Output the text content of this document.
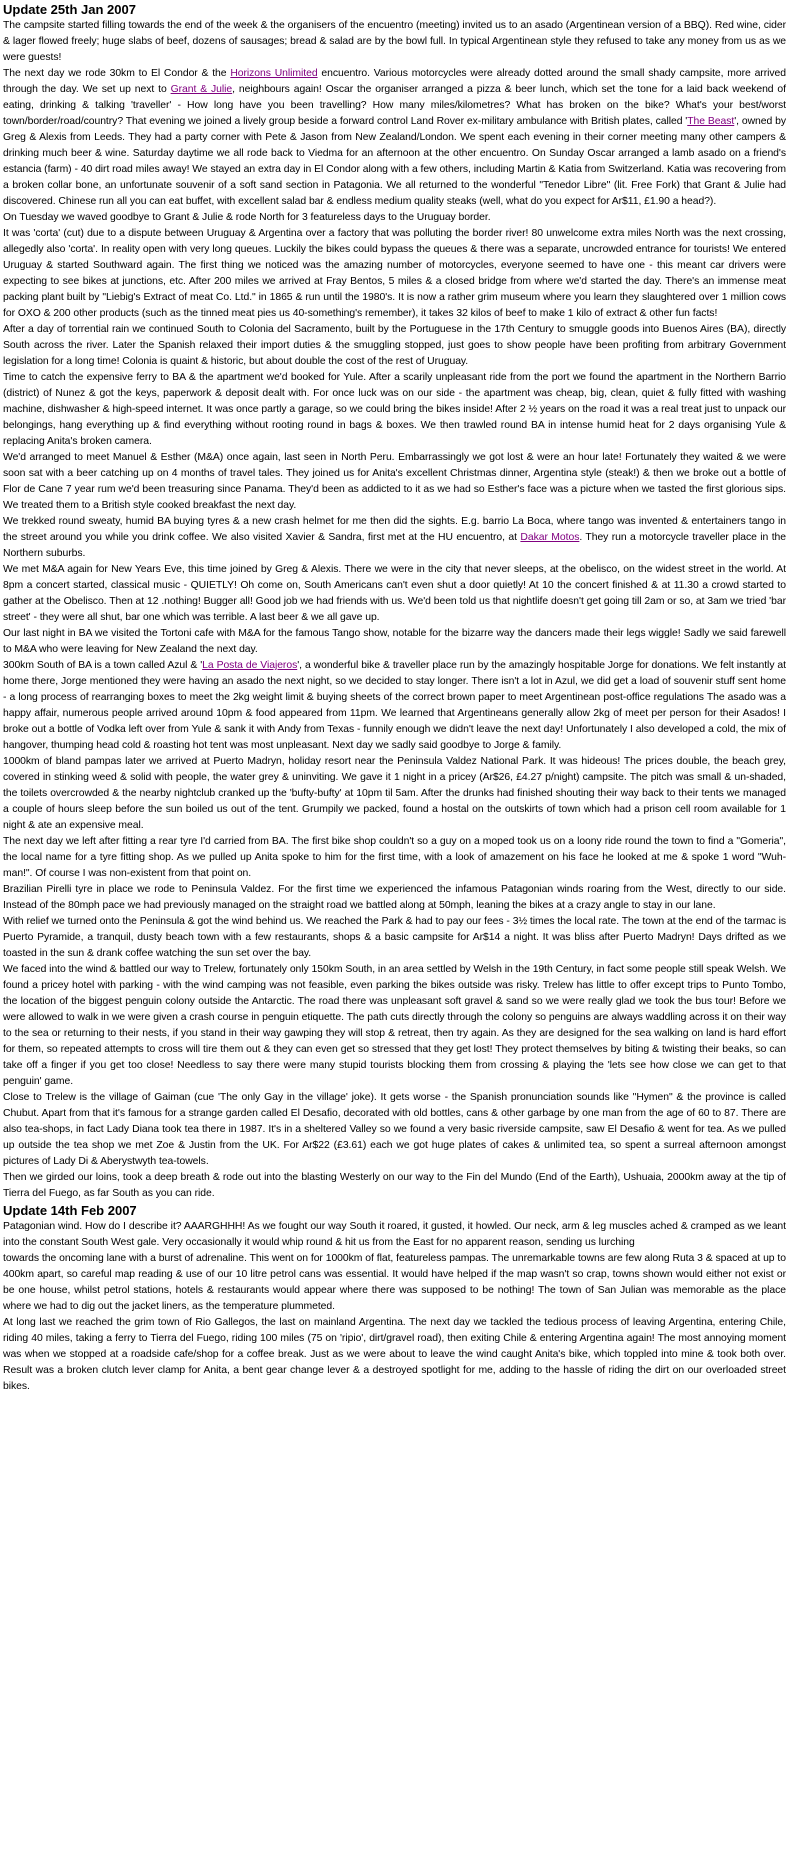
Update 25th Jan 2007

The campsite started filling towards the end of the week & the organisers of the encuentro (meeting) invited us to an asado (Argentinean version of a BBQ). Red wine, cider & lager flowed freely; huge slabs of beef, dozens of sausages; bread & salad are by the bowl full. In typical Argentinean style they refused to take any money from us as we were guests!

The next day we rode 30km to El Condor & the Horizons Unlimited encuentro. Various motorcycles were already dotted around the small shady campsite, more arrived through the day. We set up next to Grant & Julie, neighbours again! Oscar the organiser arranged a pizza & beer lunch, which set the tone for a laid back weekend of eating, drinking & talking 'traveller' - How long have you been travelling? How many miles/kilometres? What has broken on the bike? What's your best/worst town/border/road/country? That evening we joined a lively group beside a forward control Land Rover ex-military ambulance with British plates, called 'The Beast', owned by Greg & Alexis from Leeds. They had a party corner with Pete & Jason from New Zealand/London. We spent each evening in their corner meeting many other campers & drinking much beer & wine. Saturday daytime we all rode back to Viedma for an afternoon at the other encuentro. On Sunday Oscar arranged a lamb asado on a friend's estancia (farm) - 40 dirt road miles away! We stayed an extra day in El Condor along with a few others, including Martin & Katia from Switzerland. Katia was recovering from a broken collar bone, an unfortunate souvenir of a soft sand section in Patagonia. We all returned to the wonderful "Tenedor Libre" (lit. Free Fork) that Grant & Julie had discovered. Chinese run all you can eat buffet, with excellent salad bar & endless medium quality steaks (well, what do you expect for Ar$11, £1.90 a head?).

On Tuesday we waved goodbye to Grant & Julie & rode North for 3 featureless days to the Uruguay border.

It was 'corta' (cut) due to a dispute between Uruguay & Argentina over a factory that was polluting the border river! 80 unwelcome extra miles North was the next crossing, allegedly also 'corta'. In reality open with very long queues. Luckily the bikes could bypass the queues & there was a separate, uncrowded entrance for tourists! We entered Uruguay & started Southward again. The first thing we noticed was the amazing number of motorcycles, everyone seemed to have one - this meant car drivers were expecting to see bikes at junctions, etc. After 200 miles we arrived at Fray Bentos, 5 miles & a closed bridge from where we'd started the day. There's an immense meat packing plant built by "Liebig's Extract of meat Co. Ltd." in 1865 & run until the 1980's. It is now a rather grim museum where you learn they slaughtered over 1 million cows for OXO & 200 other products (such as the tinned meat pies us 40-something's remember), it takes 32 kilos of beef to make 1 kilo of extract & other fun facts!

After a day of torrential rain we continued South to Colonia del Sacramento, built by the Portuguese in the 17th Century to smuggle goods into Buenos Aires (BA), directly South across the river. Later the Spanish relaxed their import duties & the smuggling stopped, just goes to show people have been profiting from arbitrary Government legislation for a long time! Colonia is quaint & historic, but about double the cost of the rest of Uruguay.

Time to catch the expensive ferry to BA & the apartment we'd booked for Yule. After a scarily unpleasant ride from the port we found the apartment in the Northern Barrio (district) of Nunez & got the keys, paperwork & deposit dealt with. For once luck was on our side - the apartment was cheap, big, clean, quiet & fully fitted with washing machine, dishwasher & high-speed internet. It was once partly a garage, so we could bring the bikes inside! After 2 ½ years on the road it was a real treat just to unpack our belongings, hang everything up & find everything without rooting round in bags & boxes. We then trawled round BA in intense humid heat for 2 days organising Yule & replacing Anita's broken camera.

We'd arranged to meet Manuel & Esther (M&A) once again, last seen in North Peru. Embarrassingly we got lost & were an hour late! Fortunately they waited & we were soon sat with a beer catching up on 4 months of travel tales. They joined us for Anita's excellent Christmas dinner, Argentina style (steak!) & then we broke out a bottle of Flor de Cane 7 year rum we'd been treasuring since Panama. They'd been as addicted to it as we had so Esther's face was a picture when we tasted the first glorious sips. We treated them to a British style cooked breakfast the next day.

We trekked round sweaty, humid BA buying tyres & a new crash helmet for me then did the sights. E.g. barrio La Boca, where tango was invented & entertainers tango in the street around you while you drink coffee. We also visited Xavier & Sandra, first met at the HU encuentro, at Dakar Motos. They run a motorcycle traveller place in the Northern suburbs.

We met M&A again for New Years Eve, this time joined by Greg & Alexis. There we were in the city that never sleeps, at the obelisco, on the widest street in the world. At 8pm a concert started, classical music - QUIETLY! Oh come on, South Americans can't even shut a door quietly! At 10 the concert finished & at 11.30 a crowd started to gather at the Obelisco. Then at 12 .nothing! Bugger all! Good job we had friends with us. We'd been told us that nightlife doesn't get going till 2am or so, at 3am we tried 'bar street' - they were all shut, bar one which was terrible. A last beer & we all gave up.

Our last night in BA we visited the Tortoni cafe with M&A for the famous Tango show, notable for the bizarre way the dancers made their legs wiggle! Sadly we said farewell to M&A who were leaving for New Zealand the next day.

300km South of BA is a town called Azul & 'La Posta de Viajeros', a wonderful bike & traveller place run by the amazingly hospitable Jorge for donations. We felt instantly at home there, Jorge mentioned they were having an asado the next night, so we decided to stay longer. There isn't a lot in Azul, we did get a load of souvenir stuff sent home - a long process of rearranging boxes to meet the 2kg weight limit & buying sheets of the correct brown paper to meet Argentinean post-office regulations The asado was a happy affair, numerous people arrived around 10pm & food appeared from 11pm. We learned that Argentineans generally allow 2kg of meet per person for their Asados! I broke out a bottle of Vodka left over from Yule & sank it with Andy from Texas - funnily enough we didn't leave the next day! Unfortunately I also developed a cold, the mix of hangover, thumping head cold & roasting hot tent was most unpleasant. Next day we sadly said goodbye to Jorge & family.

1000km of bland pampas later we arrived at Puerto Madryn, holiday resort near the Peninsula Valdez National Park. It was hideous! The prices double, the beach grey, covered in stinking weed & solid with people, the water grey & uninviting. We gave it 1 night in a pricey (Ar$26, £4.27 p/night) campsite. The pitch was small & un-shaded, the toilets overcrowded & the nearby nightclub cranked up the 'bufty-bufty' at 10pm til 5am. After the drunks had finished shouting their way back to their tents we managed a couple of hours sleep before the sun boiled us out of the tent. Grumpily we packed, found a hostal on the outskirts of town which had a prison cell room available for 1 night & ate an expensive meal.

The next day we left after fitting a rear tyre I'd carried from BA. The first bike shop couldn't so a guy on a moped took us on a loony ride round the town to find a "Gomeria", the local name for a tyre fitting shop. As we pulled up Anita spoke to him for the first time, with a look of amazement on his face he looked at me & spoke 1 word "Wuh-man!". Of course I was non-existent from that point on.

Brazilian Pirelli tyre in place we rode to Peninsula Valdez. For the first time we experienced the infamous Patagonian winds roaring from the West, directly to our side. Instead of the 80mph pace we had previously managed on the straight road we battled along at 50mph, leaning the bikes at a crazy angle to stay in our lane.

With relief we turned onto the Peninsula & got the wind behind us. We reached the Park & had to pay our fees - 3½ times the local rate. The town at the end of the tarmac is Puerto Pyramide, a tranquil, dusty beach town with a few restaurants, shops & a basic campsite for Ar$14 a night. It was bliss after Puerto Madryn! Days drifted as we toasted in the sun & drank coffee watching the sun set over the bay.

We faced into the wind & battled our way to Trelew, fortunately only 150km South, in an area settled by Welsh in the 19th Century, in fact some people still speak Welsh. We found a pricey hotel with parking - with the wind camping was not feasible, even parking the bikes outside was risky. Trelew has little to offer except trips to Punto Tombo, the location of the biggest penguin colony outside the Antarctic. The road there was unpleasant soft gravel & sand so we were really glad we took the bus tour! Before we were allowed to walk in we were given a crash course in penguin etiquette. The path cuts directly through the colony so penguins are always waddling across it on their way to the sea or returning to their nests, if you stand in their way gawping they will stop & retreat, then try again. As they are designed for the sea walking on land is hard effort for them, so repeated attempts to cross will tire them out & they can even get so stressed that they get lost! They protect themselves by biting & twisting their beaks, so can take off a finger if you get too close! Needless to say there were many stupid tourists blocking them from crossing & playing the 'lets see how close we can get to that penguin' game.

Close to Trelew is the village of Gaiman (cue 'The only Gay in the village' joke). It gets worse - the Spanish pronunciation sounds like "Hymen" & the province is called Chubut. Apart from that it's famous for a strange garden called El Desafio, decorated with old bottles, cans & other garbage by one man from the age of 60 to 87. There are also tea-shops, in fact Lady Diana took tea there in 1987. It's in a sheltered Valley so we found a very basic riverside campsite, saw El Desafio & went for tea. As we pulled up outside the tea shop we met Zoe & Justin from the UK. For Ar$22 (£3.61) each we got huge plates of cakes & unlimited tea, so spent a surreal afternoon amongst pictures of Lady Di & Aberystwyth tea-towels.

Then we girded our loins, took a deep breath & rode out into the blasting Westerly on our way to the Fin del Mundo (End of the Earth), Ushuaia, 2000km away at the tip of Tierra del Fuego, as far South as you can ride.

Update 14th Feb 2007

Patagonian wind. How do I describe it? AAARGHHH! As we fought our way South it roared, it gusted, it howled. Our neck, arm & leg muscles ached & cramped as we leant into the constant South West gale. Very occasionally it would whip round & hit us from the East for no apparent reason, sending us lurching

towards the oncoming lane with a burst of adrenaline. This went on for 1000km of flat, featureless pampas. The unremarkable towns are few along Ruta 3 & spaced at up to 400km apart, so careful map reading & use of our 10 litre petrol cans was essential. It would have helped if the map wasn't so crap, towns shown would either not exist or be one house, whilst petrol stations, hotels & restaurants would appear where there was supposed to be nothing! The town of San Julian was memorable as the place where we had to dig out the jacket liners, as the temperature plummeted.

At long last we reached the grim town of Rio Gallegos, the last on mainland Argentina. The next day we tackled the tedious process of leaving Argentina, entering Chile, riding 40 miles, taking a ferry to Tierra del Fuego, riding 100 miles (75 on 'ripio', dirt/gravel road), then exiting Chile & entering Argentina again! The most annoying moment was when we stopped at a roadside cafe/shop for a coffee break. Just as we were about to leave the wind caught Anita's bike, which toppled into mine & took both over. Result was a broken clutch lever clamp for Anita, a bent gear change lever & a destroyed spotlight for me, adding to the hassle of riding the dirt on our overloaded street bikes.
